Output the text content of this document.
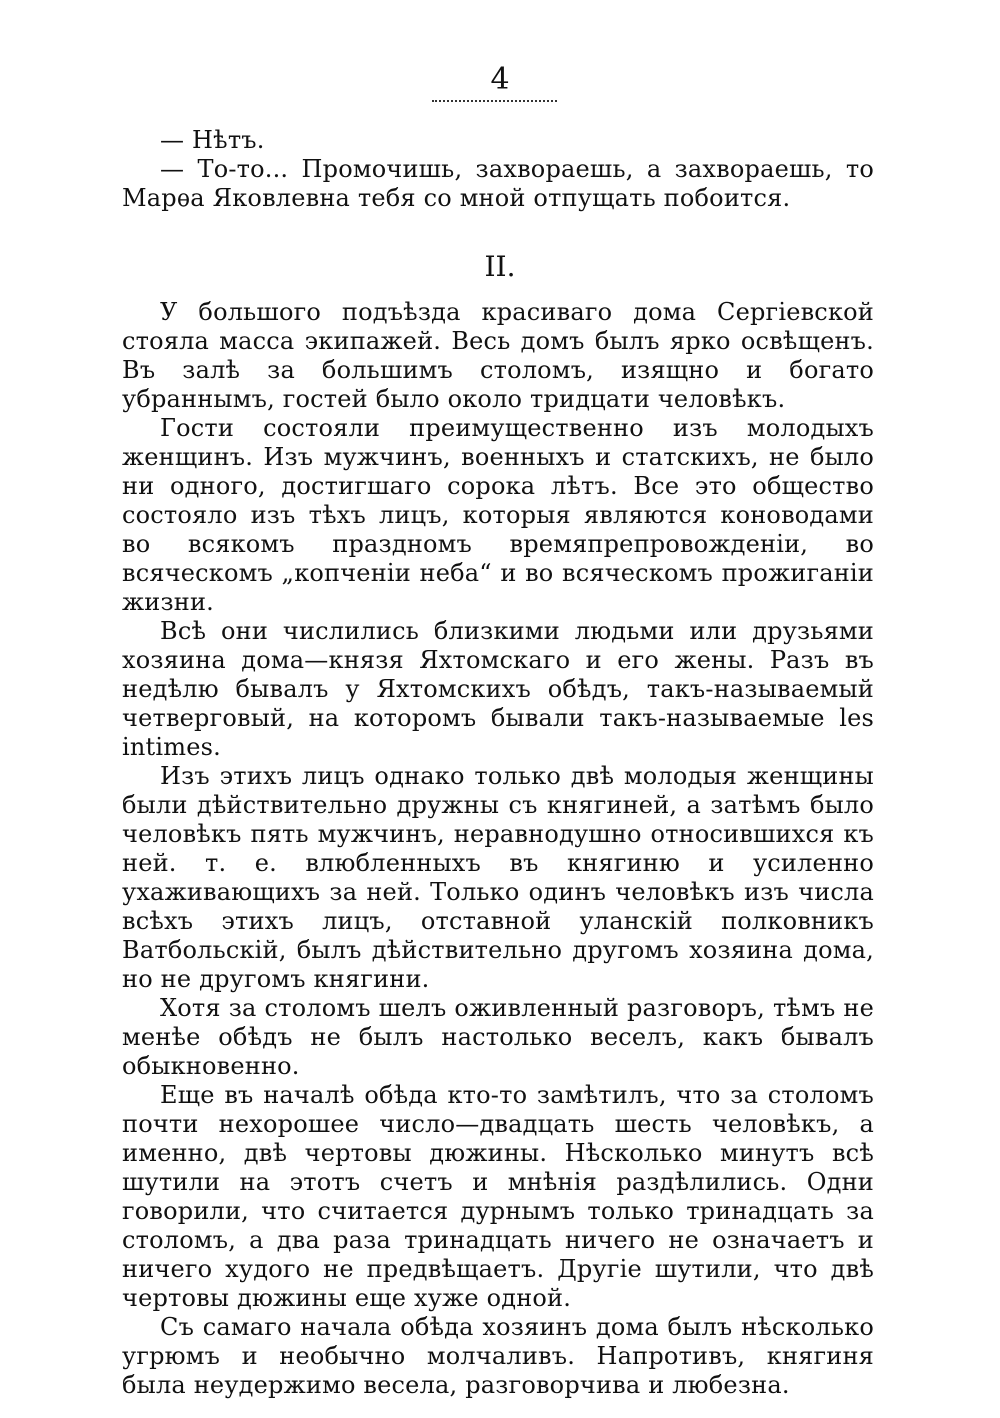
4

— Нѣтъ.

— То-то... Промочишь, захвораешь, а захвораешь, то Марѳа Яковлевна тебя со мной отпущать побоится.

II.

У большого подъѣзда красиваго дома Сергіевской стояла масса экипажей. Весь домъ былъ ярко освѣщенъ. Въ залѣ за большимъ столомъ, изящно и богато убраннымъ, гостей было около тридцати человѣкъ.

Гости состояли преимущественно изъ молодыхъ женщинъ. Изъ мужчинъ, военныхъ и статскихъ, не было ни одного, достигшаго сорока лѣтъ. Все это общество состояло изъ тѣхъ лицъ, которыя являются коноводами во всякомъ праздномъ времяпрепровожденіи, во всяческомъ „копченіи неба“ и во всяческомъ прожиганіи жизни.

Всѣ они числились близкими людьми или друзьями хозяина дома—князя Яхтомскаго и его жены. Разъ въ недѣлю бывалъ у Яхтомскихъ обѣдъ, такъ-называемый четверговый, на которомъ бывали такъ-называемые les intimes.

Изъ этихъ лицъ однако только двѣ молодыя женщины были дѣйствительно дружны съ княгиней, а затѣмъ было человѣкъ пять мужчинъ, неравнодушно относившихся къ ней. т. е. влюбленныхъ въ княгиню и усиленно ухаживающихъ за ней. Только одинъ человѣкъ изъ числа всѣхъ этихъ лицъ, отставной уланскій полковникъ Ватбольскій, былъ дѣйствительно другомъ хозяина дома, но не другомъ княгини.

Хотя за столомъ шелъ оживленный разговоръ, тѣмъ не менѣе обѣдъ не былъ настолько веселъ, какъ бывалъ обыкновенно.

Еще въ началѣ обѣда кто-то замѣтилъ, что за столомъ почти нехорошее число—двадцать шесть человѣкъ, а именно, двѣ чертовы дюжины. Нѣсколько минутъ всѣ шутили на этотъ счетъ и мнѣнія раздѣлились. Одни говорили, что считается дурнымъ только тринадцать за столомъ, а два раза тринадцать ничего не означаетъ и ничего худого не предвѣщаетъ. Другіе шутили, что двѣ чертовы дюжины еще хуже одной.

Съ самаго начала обѣда хозяинъ дома былъ нѣсколько угрюмъ и необычно молчаливъ. Напротивъ, княгиня была неудержимо весела, разговорчива и любезна.
